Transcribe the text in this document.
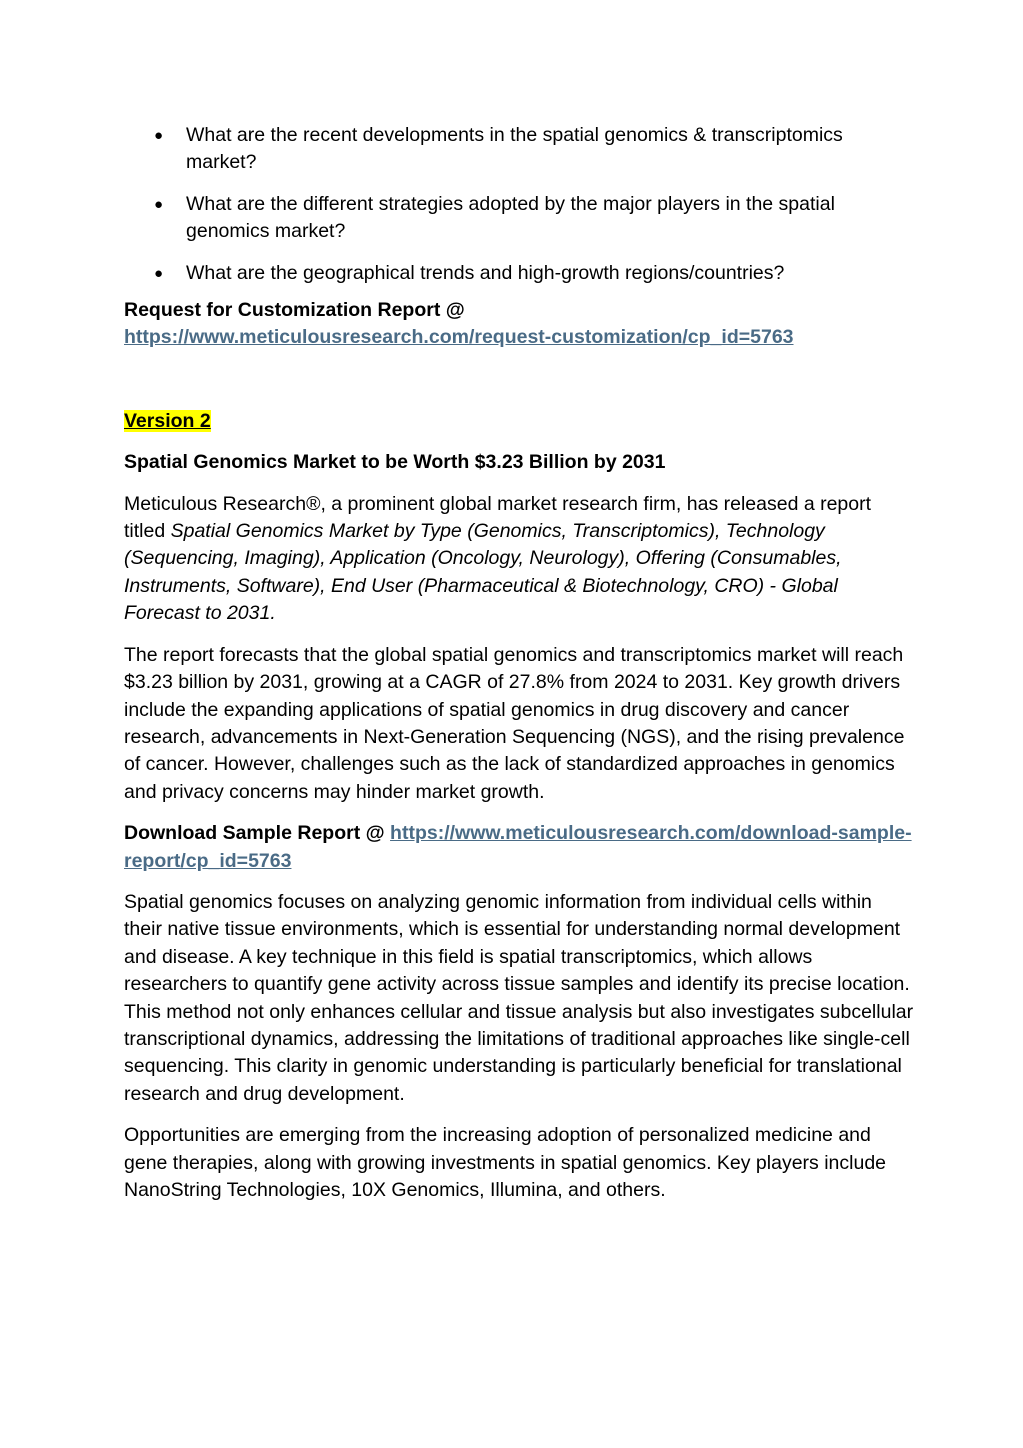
● What are the recent developments in the spatial genomics & transcriptomics market?
● What are the different strategies adopted by the major players in the spatial genomics market?
● What are the geographical trends and high-growth regions/countries?

Request for Customization Report @
https://www.meticulousresearch.com/request-customization/cp_id=5763

Version 2

Spatial Genomics Market to be Worth $3.23 Billion by 2031

Meticulous Research®, a prominent global market research firm, has released a report titled Spatial Genomics Market by Type (Genomics, Transcriptomics), Technology (Sequencing, Imaging), Application (Oncology, Neurology), Offering (Consumables, Instruments, Software), End User (Pharmaceutical & Biotechnology, CRO) - Global Forecast to 2031.

The report forecasts that the global spatial genomics and transcriptomics market will reach $3.23 billion by 2031, growing at a CAGR of 27.8% from 2024 to 2031. Key growth drivers include the expanding applications of spatial genomics in drug discovery and cancer research, advancements in Next-Generation Sequencing (NGS), and the rising prevalence of cancer. However, challenges such as the lack of standardized approaches in genomics and privacy concerns may hinder market growth.

Download Sample Report @ https://www.meticulousresearch.com/download-sample-report/cp_id=5763

Spatial genomics focuses on analyzing genomic information from individual cells within their native tissue environments, which is essential for understanding normal development and disease. A key technique in this field is spatial transcriptomics, which allows researchers to quantify gene activity across tissue samples and identify its precise location. This method not only enhances cellular and tissue analysis but also investigates subcellular transcriptional dynamics, addressing the limitations of traditional approaches like single-cell sequencing. This clarity in genomic understanding is particularly beneficial for translational research and drug development.

Opportunities are emerging from the increasing adoption of personalized medicine and gene therapies, along with growing investments in spatial genomics. Key players include NanoString Technologies, 10X Genomics, Illumina, and others.
